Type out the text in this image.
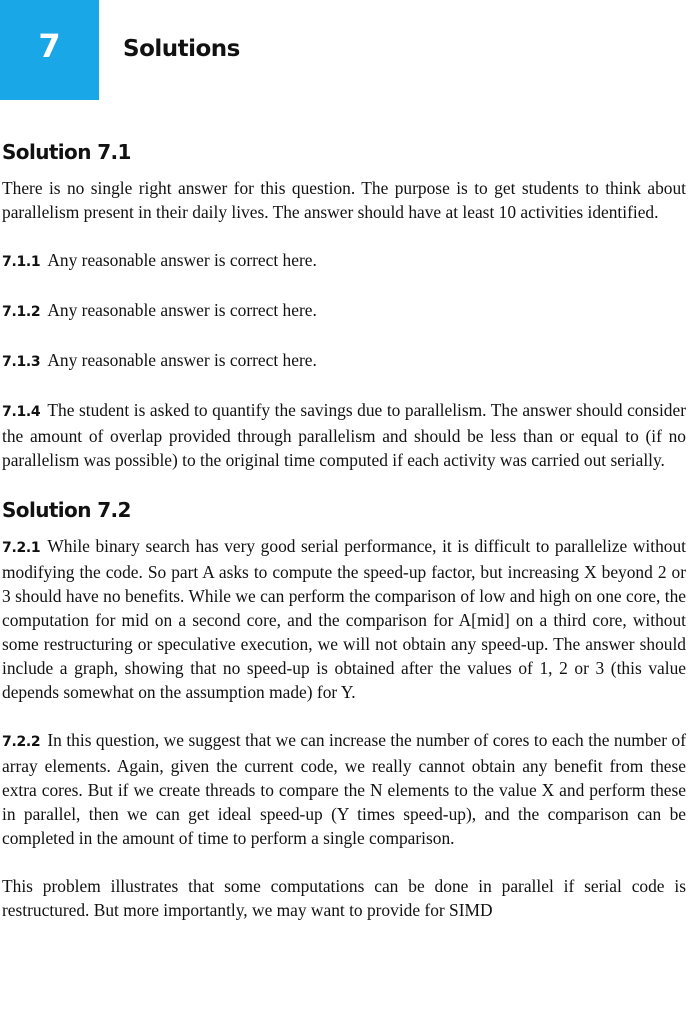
7	Solutions
Solution 7.1

There is no single right answer for this question. The purpose is to get students to think about parallelism present in their daily lives. The answer should have at least 10 activities identified.

7.1.1 Any reasonable answer is correct here.

7.1.2 Any reasonable answer is correct here.

7.1.3 Any reasonable answer is correct here.

7.1.4 The student is asked to quantify the savings due to parallelism. The answer should consider the amount of overlap provided through parallelism and should be less than or equal to (if no parallelism was possible) to the original time computed if each activity was carried out serially.

Solution 7.2

7.2.1 While binary search has very good serial performance, it is difficult to parallelize without modifying the code. So part A asks to compute the speed-up factor, but increasing X beyond 2 or 3 should have no benefits. While we can perform the comparison of low and high on one core, the computation for mid on a second core, and the comparison for A[mid] on a third core, without some restructuring or speculative execution, we will not obtain any speed-up. The answer should include a graph, showing that no speed-up is obtained after the values of 1, 2 or 3 (this value depends somewhat on the assumption made) for Y.

7.2.2 In this question, we suggest that we can increase the number of cores to each the number of array elements. Again, given the current code, we really cannot obtain any benefit from these extra cores. But if we create threads to compare the N elements to the value X and perform these in parallel, then we can get ideal speed-up (Y times speed-up), and the comparison can be completed in the amount of time to perform a single comparison.

This problem illustrates that some computations can be done in parallel if serial code is restructured. But more importantly, we may want to provide for SIMD
